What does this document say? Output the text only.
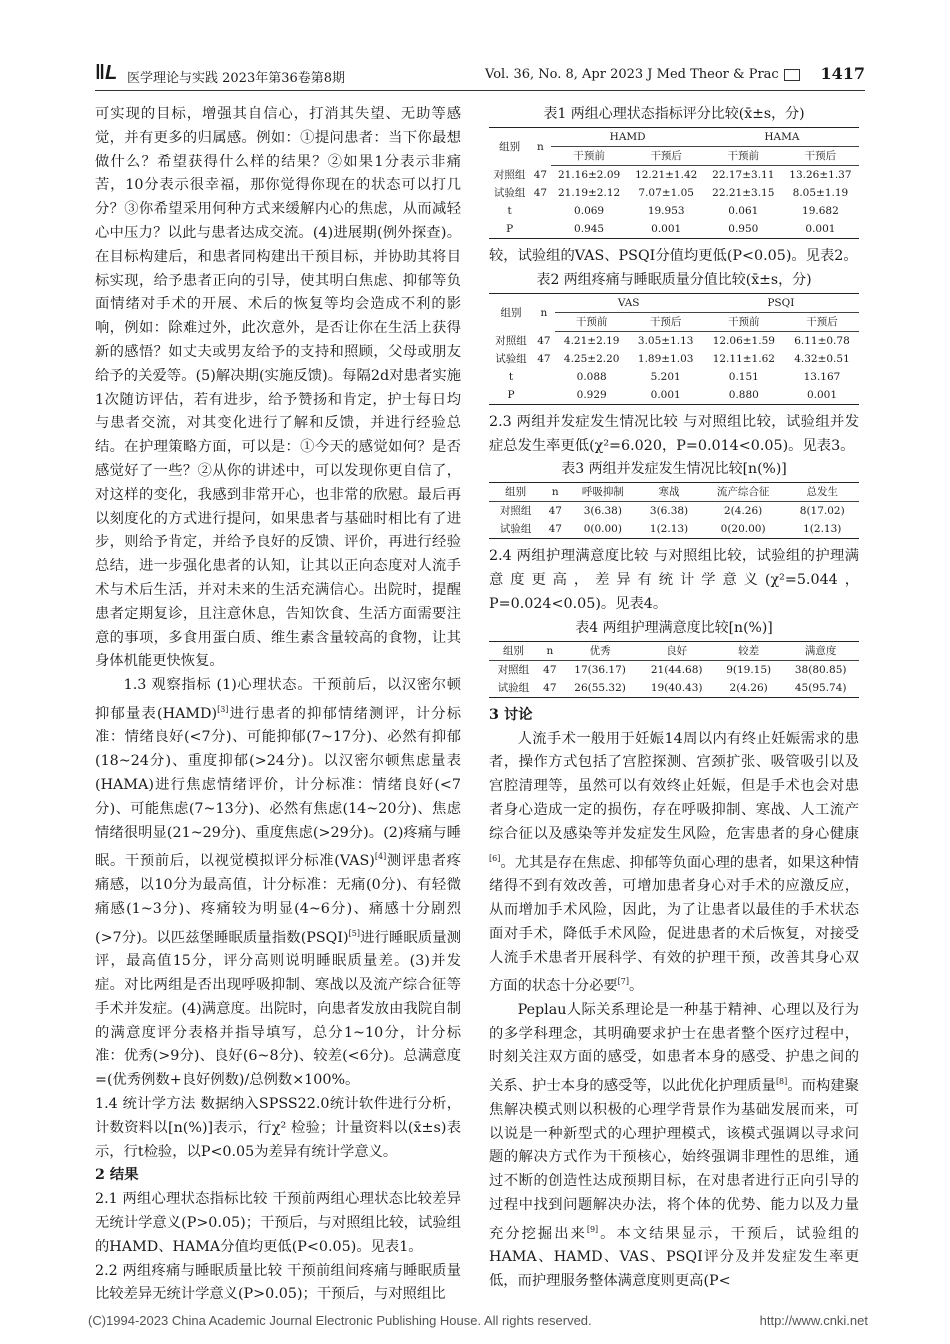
ǁL 医学理论与实践 2023年第36卷第8期	Vol. 36, No. 8, Apr 2023 J Med Theor & Prac	1417

可实现的目标，增强其自信心，打消其失望、无助等感觉，并有更多的归属感。例如：①提问患者：当下你最想做什么？希望获得什么样的结果？②如果1分表示非痛苦，10分表示很幸福，那你觉得你现在的状态可以打几分？③你希望采用何种方式来缓解内心的焦虑，从而减轻心中压力？以此与患者达成交流。(4)进展期(例外探查)。在目标构建后，和患者同构建出干预目标，并协助其将目标实现，给予患者正向的引导，使其明白焦虑、抑郁等负面情绪对手术的开展、术后的恢复等均会造成不利的影响，例如：除难过外，此次意外，是否让你在生活上获得新的感悟？如丈夫或男友给予的支持和照顾，父母或朋友给予的关爱等。(5)解决期(实施反馈)。每隔2d对患者实施1次随访评估，若有进步，给予赞扬和肯定，护士每日均与患者交流，对其变化进行了解和反馈，并进行经验总结。在护理策略方面，可以是：①今天的感觉如何？是否感觉好了一些？②从你的讲述中，可以发现你更自信了，对这样的变化，我感到非常开心，也非常的欣慰。最后再以刻度化的方式进行提问，如果患者与基础时相比有了进步，则给予肯定，并给予良好的反馈、评价，再进行经验总结，进一步强化患者的认知，让其以正向态度对人流手术与术后生活，并对未来的生活充满信心。出院时，提醒患者定期复诊，且注意休息，告知饮食、生活方面需要注意的事项，多食用蛋白质、维生素含量较高的食物，让其身体机能更快恢复。

1.3 观察指标 (1)心理状态。干预前后，以汉密尔顿抑郁量表(HAMD)[3]进行患者的抑郁情绪测评，计分标准：情绪良好(<7分)、可能抑郁(7~17分)、必然有抑郁(18~24分)、重度抑郁(>24分)。以汉密尔顿焦虑量表(HAMA)进行焦虑情绪评价，计分标准：情绪良好(<7分)、可能焦虑(7~13分)、必然有焦虑(14~20分)、焦虑情绪很明显(21~29分)、重度焦虑(>29分)。(2)疼痛与睡眠。干预前后，以视觉模拟评分标准(VAS)[4]测评患者疼痛感，以10分为最高值，计分标准：无痛(0分)、有轻微痛感(1~3分)、疼痛较为明显(4~6分)、痛感十分剧烈(>7分)。以匹兹堡睡眠质量指数(PSQI)[5]进行睡眠质量测评，最高值15分，评分高则说明睡眠质量差。(3)并发症。对比两组是否出现呼吸抑制、寒战以及流产综合征等手术并发症。(4)满意度。出院时，向患者发放由我院自制的满意度评分表格并指导填写，总分1~10分，计分标准：优秀(>9分)、良好(6~8分)、较差(<6分)。总满意度=(优秀例数+良好例数)/总例数×100%。

1.4 统计学方法 数据纳入SPSS22.0统计软件进行分析，计数资料以[n(%)]表示，行χ² 检验；计量资料以(x̄±s)表示，行t检验，以P<0.05为差异有统计学意义。

2 结果

2.1 两组心理状态指标比较 干预前两组心理状态比较差异无统计学意义(P>0.05)；干预后，与对照组比较，试验组的HAMD、HAMA分值均更低(P<0.05)。见表1。

2.2 两组疼痛与睡眠质量比较 干预前组间疼痛与睡眠质量比较差异无统计学意义(P>0.05)；干预后，与对照组比

表1 两组心理状态指标评分比较(x̄±s，分)

组别	n	HAMD		HAMA	
		干预前	干预后	干预前	干预后
对照组	47	21.16±2.09	12.21±1.42	22.17±3.11	13.26±1.37
试验组	47	21.19±2.12	7.07±1.05	22.21±3.15	8.05±1.19
t		0.069	19.953	0.061	19.682
P		0.945	0.001	0.950	0.001

较，试验组的VAS、PSQI分值均更低(P<0.05)。见表2。

表2 两组疼痛与睡眠质量分值比较(x̄±s，分)

组别	n	VAS		PSQI	
		干预前	干预后	干预前	干预后
对照组	47	4.21±2.19	3.05±1.13	12.06±1.59	6.11±0.78
试验组	47	4.25±2.20	1.89±1.03	12.11±1.62	4.32±0.51
t		0.088	5.201	0.151	13.167
P		0.929	0.001	0.880	0.001

2.3 两组并发症发生情况比较 与对照组比较，试验组并发症总发生率更低(χ²=6.020，P=0.014<0.05)。见表3。

表3 两组并发症发生情况比较[n(%)]

组别	n	呼吸抑制	寒战	流产综合征	总发生
对照组	47	3(6.38)	3(6.38)	2(4.26)	8(17.02)
试验组	47	0(0.00)	1(2.13)	0(20.00)	1(2.13)

2.4 两组护理满意度比较 与对照组比较，试验组的护理满意度更高，差异有统计学意义(χ²=5.044，P=0.024<0.05)。见表4。

表4 两组护理满意度比较[n(%)]

组别	n	优秀	良好	较差	满意度
对照组	47	17(36.17)	21(44.68)	9(19.15)	38(80.85)
试验组	47	26(55.32)	19(40.43)	2(4.26)	45(95.74)

3 讨论

人流手术一般用于妊娠14周以内有终止妊娠需求的患者，操作方式包括了宫腔探测、宫颈扩张、吸管吸引以及宫腔清理等，虽然可以有效终止妊娠，但是手术也会对患者身心造成一定的损伤，存在呼吸抑制、寒战、人工流产综合征以及感染等并发症发生风险，危害患者的身心健康[6]。尤其是存在焦虑、抑郁等负面心理的患者，如果这种情绪得不到有效改善，可增加患者身心对手术的应激反应，从而增加手术风险，因此，为了让患者以最佳的手术状态面对手术，降低手术风险，促进患者的术后恢复，对接受人流手术患者开展科学、有效的护理干预，改善其身心双方面的状态十分必要[7]。

Peplau人际关系理论是一种基于精神、心理以及行为的多学科理念，其明确要求护士在患者整个医疗过程中，时刻关注双方面的感受，如患者本身的感受、护患之间的关系、护士本身的感受等，以此优化护理质量[8]。而构建聚焦解决模式则以积极的心理学背景作为基础发展而来，可以说是一种新型式的心理护理模式，该模式强调以寻求问题的解决方式作为干预核心，始终强调非理性的思维，通过不断的创造性达成预期目标，在对患者进行正向引导的过程中找到问题解决办法，将个体的优势、能力以及力量充分挖掘出来[9]。本文结果显示，干预后，试验组的HAMA、HAMD、VAS、PSQI评分及并发症发生率更低，而护理服务整体满意度则更高(P<

(C)1994-2023 China Academic Journal Electronic Publishing House. All rights reserved.	http://www.cnki.net
